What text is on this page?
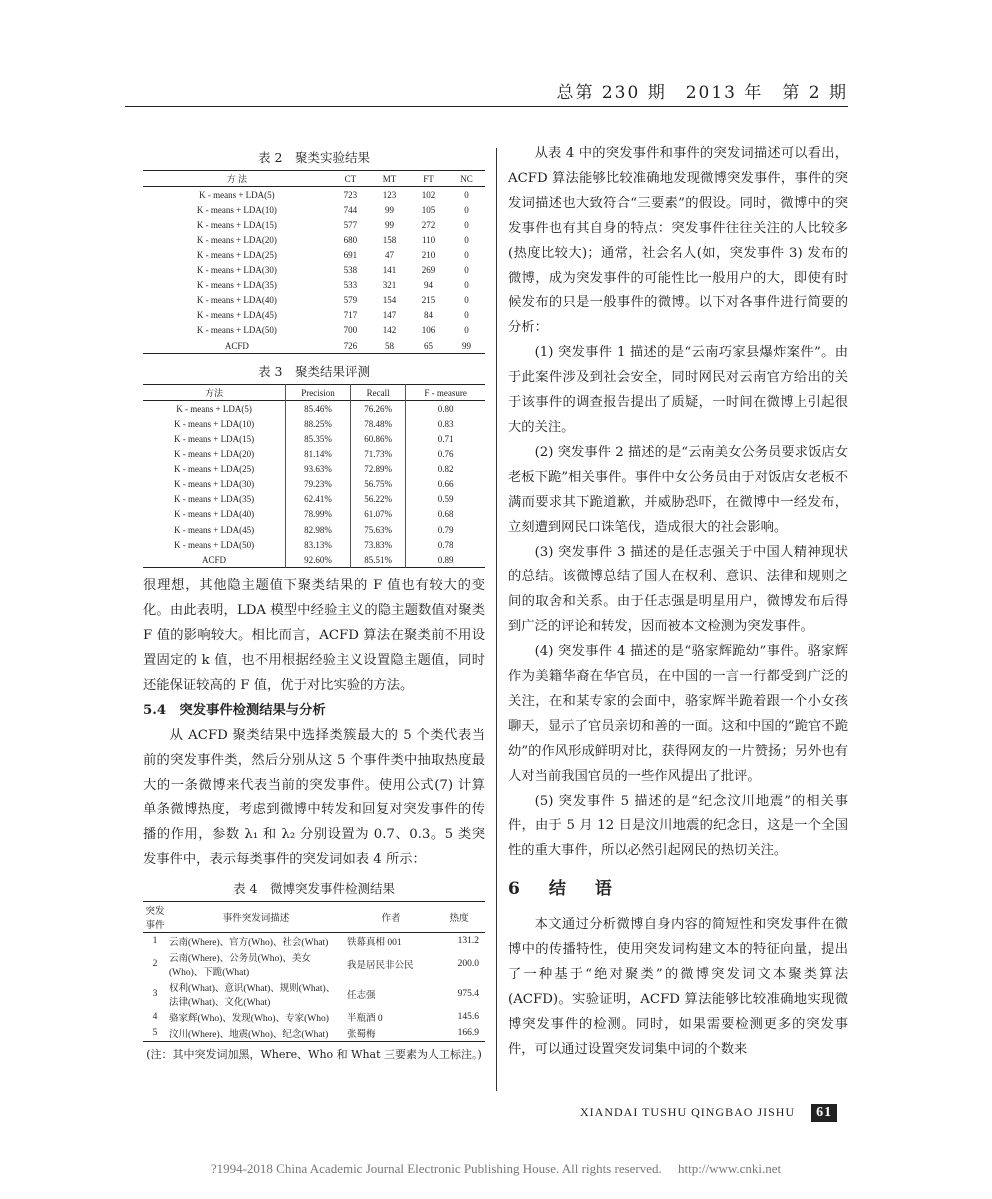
总第 230 期　2013 年　第 2 期
表 2　聚类实验结果
方 法	CT	MT	FT	NC
K - means + LDA(5)	723	123	102	0
K - means + LDA(10)	744	99	105	0
K - means + LDA(15)	577	99	272	0
K - means + LDA(20)	680	158	110	0
K - means + LDA(25)	691	47	210	0
K - means + LDA(30)	538	141	269	0
K - means + LDA(35)	533	321	94	0
K - means + LDA(40)	579	154	215	0
K - means + LDA(45)	717	147	84	0
K - means + LDA(50)	700	142	106	0
ACFD	726	58	65	99
表 3　聚类结果评测
方法	Precision	Recall	F - measure
K - means + LDA(5)	85.46%	76.26%	0.80
K - means + LDA(10)	88.25%	78.48%	0.83
K - means + LDA(15)	85.35%	60.86%	0.71
K - means + LDA(20)	81.14%	71.73%	0.76
K - means + LDA(25)	93.63%	72.89%	0.82
K - means + LDA(30)	79.23%	56.75%	0.66
K - means + LDA(35)	62.41%	56.22%	0.59
K - means + LDA(40)	78.99%	61.07%	0.68
K - means + LDA(45)	82.98%	75.63%	0.79
K - means + LDA(50)	83.13%	73.83%	0.78
ACFD	92.60%	85.51%	0.89

很理想，其他隐主题值下聚类结果的 F 值也有较大的变化。由此表明，LDA 模型中经验主义的隐主题数值对聚类 F 值的影响较大。相比而言，ACFD 算法在聚类前不用设置固定的 k 值，也不用根据经验主义设置隐主题值，同时还能保证较高的 F 值，优于对比实验的方法。

5.4　突发事件检测结果与分析

从 ACFD 聚类结果中选择类簇最大的 5 个类代表当前的突发事件类，然后分别从这 5 个事件类中抽取热度最大的一条微博来代表当前的突发事件。使用公式(7) 计算单条微博热度，考虑到微博中转发和回复对突发事件的传播的作用，参数 λ₁ 和 λ₂ 分别设置为 0.7、0.3。5 类突发事件中，表示每类事件的突发词如表 4 所示：

表 4　微博突发事件检测结果
突发事件	事件突发词描述	作者	热度
1	云南(Where)、官方(Who)、社会(What)	铁幕真相 001	131.2
2	云南(Where)、公务员(Who)、美女(Who)、下跪(What)	我是居民非公民	200.0
3	权利(What)、意识(What)、规则(What)、法律(What)、文化(What)	任志强	975.4
4	骆家辉(Who)、发现(Who)、专家(Who)	半瓶酒 0	145.6
5	汶川(Where)、地震(Who)、纪念(What)	张蜀梅	166.9
(注：其中突发词加黑，Where、Who 和 What 三要素为人工标注。)

从表 4 中的突发事件和事件的突发词描述可以看出，ACFD 算法能够比较准确地发现微博突发事件，事件的突发词描述也大致符合“三要素”的假设。同时，微博中的突发事件也有其自身的特点：突发事件往往关注的人比较多(热度比较大)；通常，社会名人(如，突发事件 3) 发布的微博，成为突发事件的可能性比一般用户的大，即使有时候发布的只是一般事件的微博。以下对各事件进行简要的分析：

(1) 突发事件 1 描述的是“云南巧家县爆炸案件”。由于此案件涉及到社会安全，同时网民对云南官方给出的关于该事件的调查报告提出了质疑，一时间在微博上引起很大的关注。

(2) 突发事件 2 描述的是“云南美女公务员要求饭店女老板下跪”相关事件。事件中女公务员由于对饭店女老板不满而要求其下跪道歉，并威胁恐吓，在微博中一经发布，立刻遭到网民口诛笔伐，造成很大的社会影响。

(3) 突发事件 3 描述的是任志强关于中国人精神现状的总结。该微博总结了国人在权利、意识、法律和规则之间的取舍和关系。由于任志强是明星用户，微博发布后得到广泛的评论和转发，因而被本文检测为突发事件。

(4) 突发事件 4 描述的是“骆家辉跪幼”事件。骆家辉作为美籍华裔在华官员，在中国的一言一行都受到广泛的关注，在和某专家的会面中，骆家辉半跪着跟一个小女孩聊天，显示了官员亲切和善的一面。这和中国的“跪官不跪幼”的作风形成鲜明对比，获得网友的一片赞扬；另外也有人对当前我国官员的一些作风提出了批评。

(5) 突发事件 5 描述的是“纪念汶川地震”的相关事件，由于 5 月 12 日是汶川地震的纪念日，这是一个全国性的重大事件，所以必然引起网民的热切关注。

6　结　语

本文通过分析微博自身内容的简短性和突发事件在微博中的传播特性，使用突发词构建文本的特征向量，提出了一种基于“绝对聚类”的微博突发词文本聚类算法(ACFD)。实验证明，ACFD 算法能够比较准确地实现微博突发事件的检测。同时，如果需要检测更多的突发事件，可以通过设置突发词集中词的个数来

XIANDAI TUSHU QINGBAO JISHU 61
?1994-2018 China Academic Journal Electronic Publishing House. All rights reserved.　 http://www.cnki.net
